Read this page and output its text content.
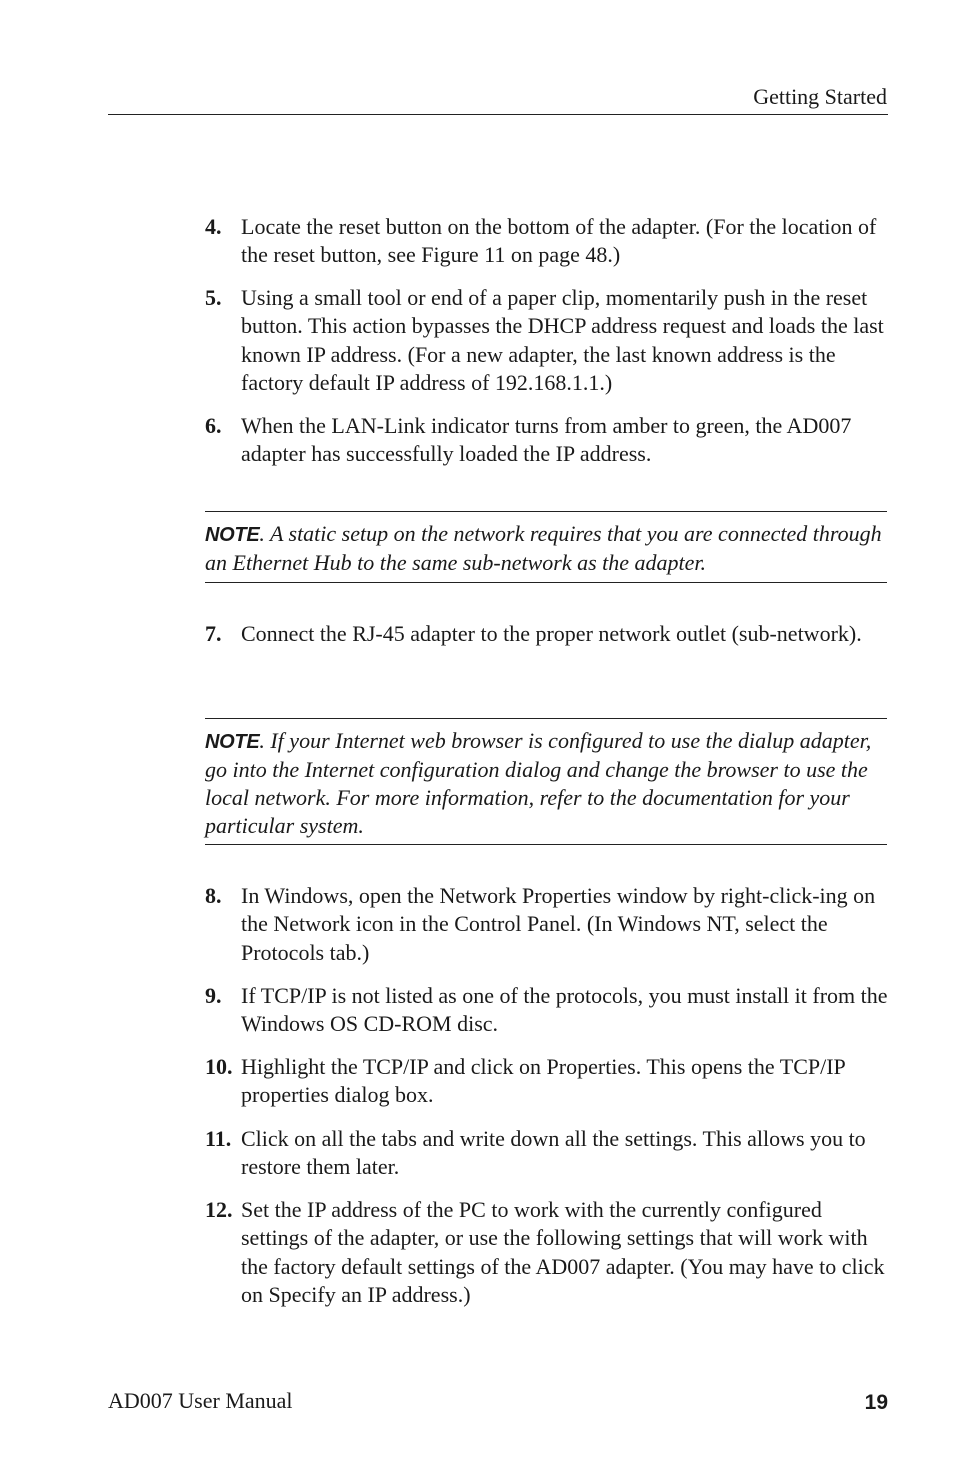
Getting Started
4. Locate the reset button on the bottom of the adapter. (For the location of the reset button, see Figure 11 on page 48.)
5. Using a small tool or end of a paper clip, momentarily push in the reset button. This action bypasses the DHCP address request and loads the last known IP address. (For a new adapter, the last known address is the factory default IP address of 192.168.1.1.)
6. When the LAN-Link indicator turns from amber to green, the AD007 adapter has successfully loaded the IP address.
NOTE. A static setup on the network requires that you are connected through an Ethernet Hub to the same sub-network as the adapter.
7. Connect the RJ-45 adapter to the proper network outlet (sub-network).
NOTE. If your Internet web browser is configured to use the dialup adapter, go into the Internet configuration dialog and change the browser to use the local network. For more information, refer to the documentation for your particular system.
8. In Windows, open the Network Properties window by right-click-ing on the Network icon in the Control Panel. (In Windows NT, select the Protocols tab.)
9. If TCP/IP is not listed as one of the protocols, you must install it from the Windows OS CD-ROM disc.
10. Highlight the TCP/IP and click on Properties. This opens the TCP/IP properties dialog box.
11. Click on all the tabs and write down all the settings. This allows you to restore them later.
12. Set the IP address of the PC to work with the currently configured settings of the adapter, or use the following settings that will work with the factory default settings of the AD007 adapter. (You may have to click on Specify an IP address.)
AD007 User Manual	19
